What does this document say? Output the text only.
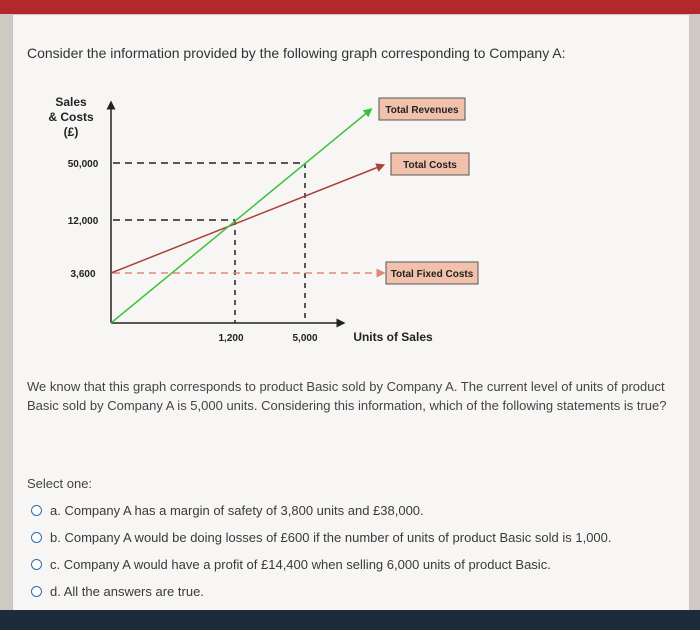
Consider the information provided by the following graph corresponding to Company A:
Sales
& Costs
(£)
50,000
12,000
3,600
1,200	5,000	Units of Sales
Total Revenues
Total Costs
Total Fixed Costs
We know that this graph corresponds to product Basic sold by Company A. The current level of units of product Basic sold by Company A is 5,000 units. Considering this information, which of the following statements is true?
Select one:
a. Company A has a margin of safety of 3,800 units and £38,000.
b. Company A would be doing losses of £600 if the number of units of product Basic sold is 1,000.
c. Company A would have a profit of £14,400 when selling 6,000 units of product Basic.
d. All the answers are true.
